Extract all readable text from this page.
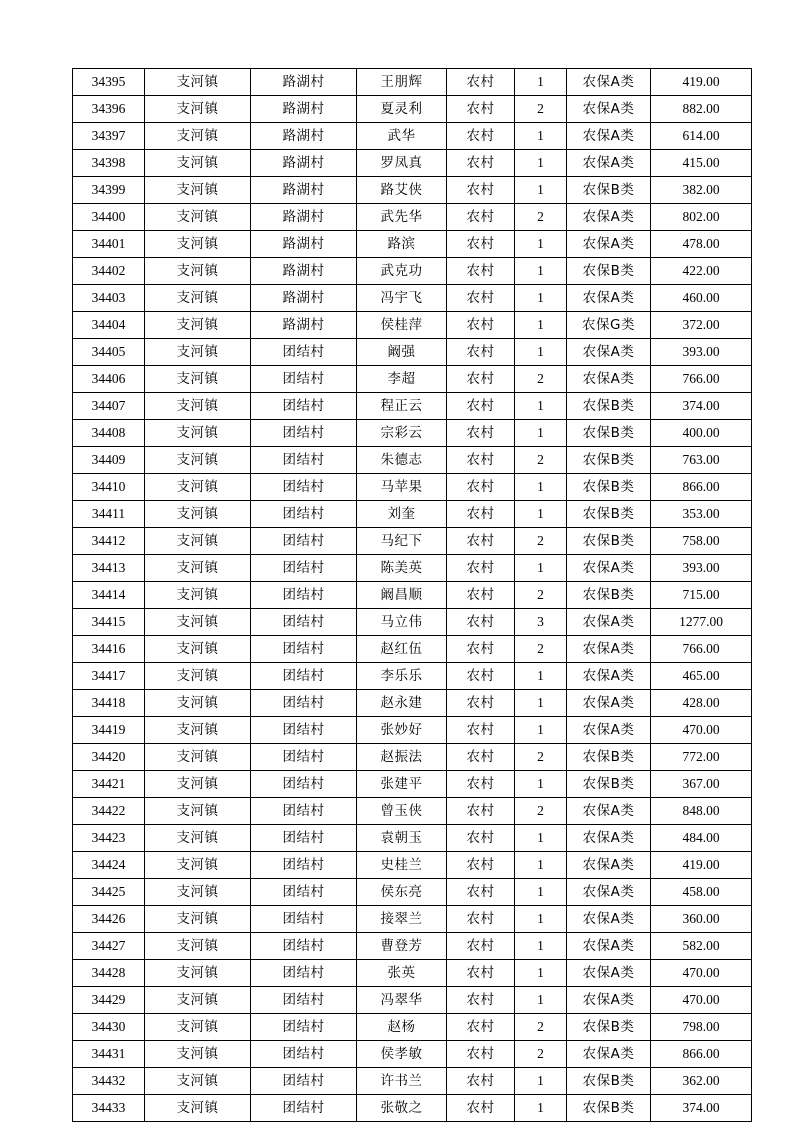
34395	支河镇	路湖村	王朋辉	农村	1	农保A类	419.00
34396	支河镇	路湖村	夏灵利	农村	2	农保A类	882.00
34397	支河镇	路湖村	武华	农村	1	农保A类	614.00
34398	支河镇	路湖村	罗凤真	农村	1	农保A类	415.00
34399	支河镇	路湖村	路艾侠	农村	1	农保B类	382.00
34400	支河镇	路湖村	武先华	农村	2	农保A类	802.00
34401	支河镇	路湖村	路滨	农村	1	农保A类	478.00
34402	支河镇	路湖村	武克功	农村	1	农保B类	422.00
34403	支河镇	路湖村	冯宇飞	农村	1	农保A类	460.00
34404	支河镇	路湖村	侯桂萍	农村	1	农保G类	372.00
34405	支河镇	团结村	阚强	农村	1	农保A类	393.00
34406	支河镇	团结村	李超	农村	2	农保A类	766.00
34407	支河镇	团结村	程正云	农村	1	农保B类	374.00
34408	支河镇	团结村	宗彩云	农村	1	农保B类	400.00
34409	支河镇	团结村	朱德志	农村	2	农保B类	763.00
34410	支河镇	团结村	马苹果	农村	1	农保B类	866.00
34411	支河镇	团结村	刘奎	农村	1	农保B类	353.00
34412	支河镇	团结村	马纪下	农村	2	农保B类	758.00
34413	支河镇	团结村	陈美英	农村	1	农保A类	393.00
34414	支河镇	团结村	阚昌顺	农村	2	农保B类	715.00
34415	支河镇	团结村	马立伟	农村	3	农保A类	1277.00
34416	支河镇	团结村	赵红伍	农村	2	农保A类	766.00
34417	支河镇	团结村	李乐乐	农村	1	农保A类	465.00
34418	支河镇	团结村	赵永建	农村	1	农保A类	428.00
34419	支河镇	团结村	张妙好	农村	1	农保A类	470.00
34420	支河镇	团结村	赵振法	农村	2	农保B类	772.00
34421	支河镇	团结村	张建平	农村	1	农保B类	367.00
34422	支河镇	团结村	曾玉侠	农村	2	农保A类	848.00
34423	支河镇	团结村	袁朝玉	农村	1	农保A类	484.00
34424	支河镇	团结村	史桂兰	农村	1	农保A类	419.00
34425	支河镇	团结村	侯东亮	农村	1	农保A类	458.00
34426	支河镇	团结村	接翠兰	农村	1	农保A类	360.00
34427	支河镇	团结村	曹登芳	农村	1	农保A类	582.00
34428	支河镇	团结村	张英	农村	1	农保A类	470.00
34429	支河镇	团结村	冯翠华	农村	1	农保A类	470.00
34430	支河镇	团结村	赵杨	农村	2	农保B类	798.00
34431	支河镇	团结村	侯孝敏	农村	2	农保A类	866.00
34432	支河镇	团结村	许书兰	农村	1	农保B类	362.00
34433	支河镇	团结村	张敬之	农村	1	农保B类	374.00
